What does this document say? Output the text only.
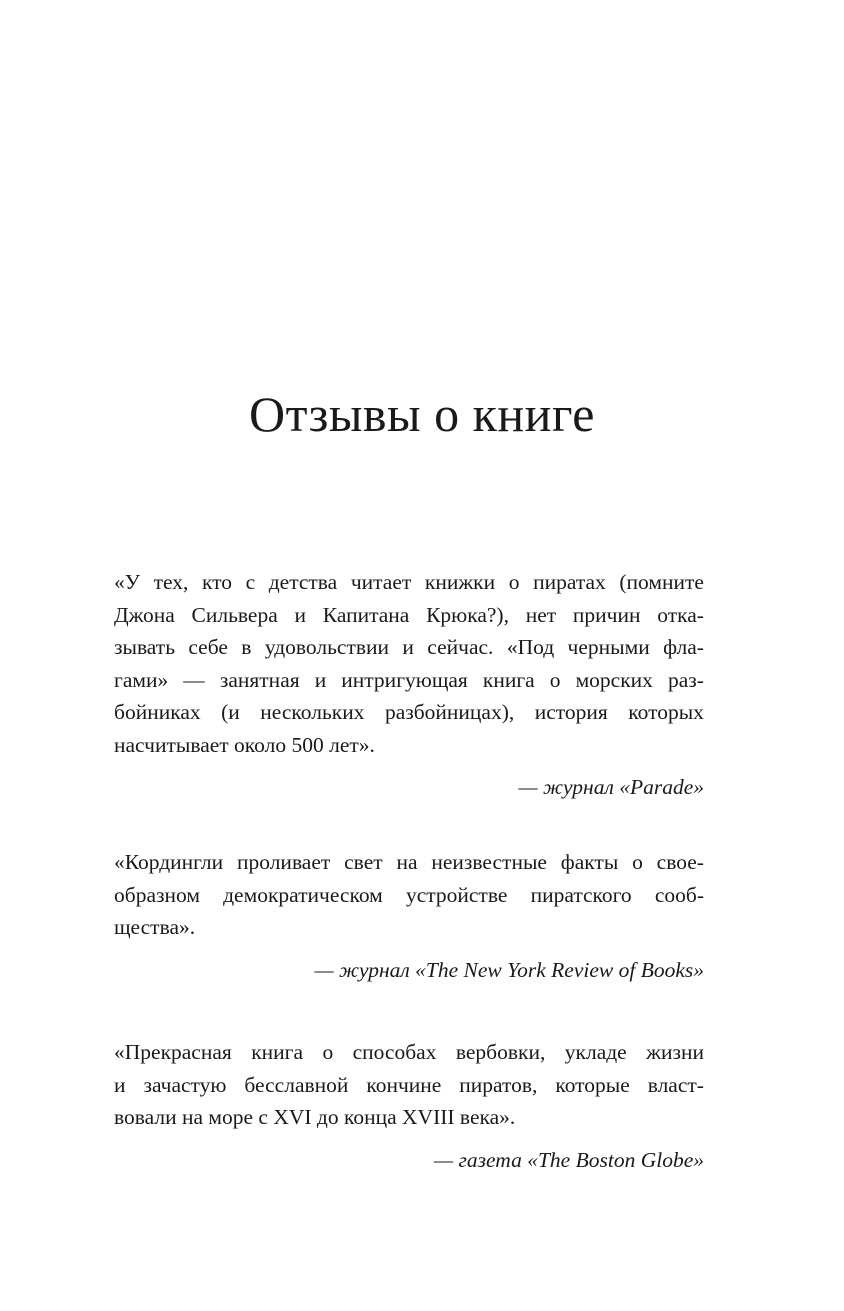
Отзывы о книге
«У тех, кто с детства читает книжки о пиратах (помните
Джона Сильвера и Капитана Крюка?), нет причин отка-
зывать себе в удовольствии и сейчас. «Под черными фла-
гами» — занятная и интригующая книга о морских раз-
бойниках (и нескольких разбойницах), история которых
насчитывает около 500 лет».
— журнал «Parade»
«Кордингли проливает свет на неизвестные факты о свое-
образном демократическом устройстве пиратского сооб-
щества».
— журнал «The New York Review of Books»
«Прекрасная книга о способах вербовки, укладе жизни
и зачастую бесславной кончине пиратов, которые власт-
вовали на море с XVI до конца XVIII века».
— газета «The Boston Globe»
